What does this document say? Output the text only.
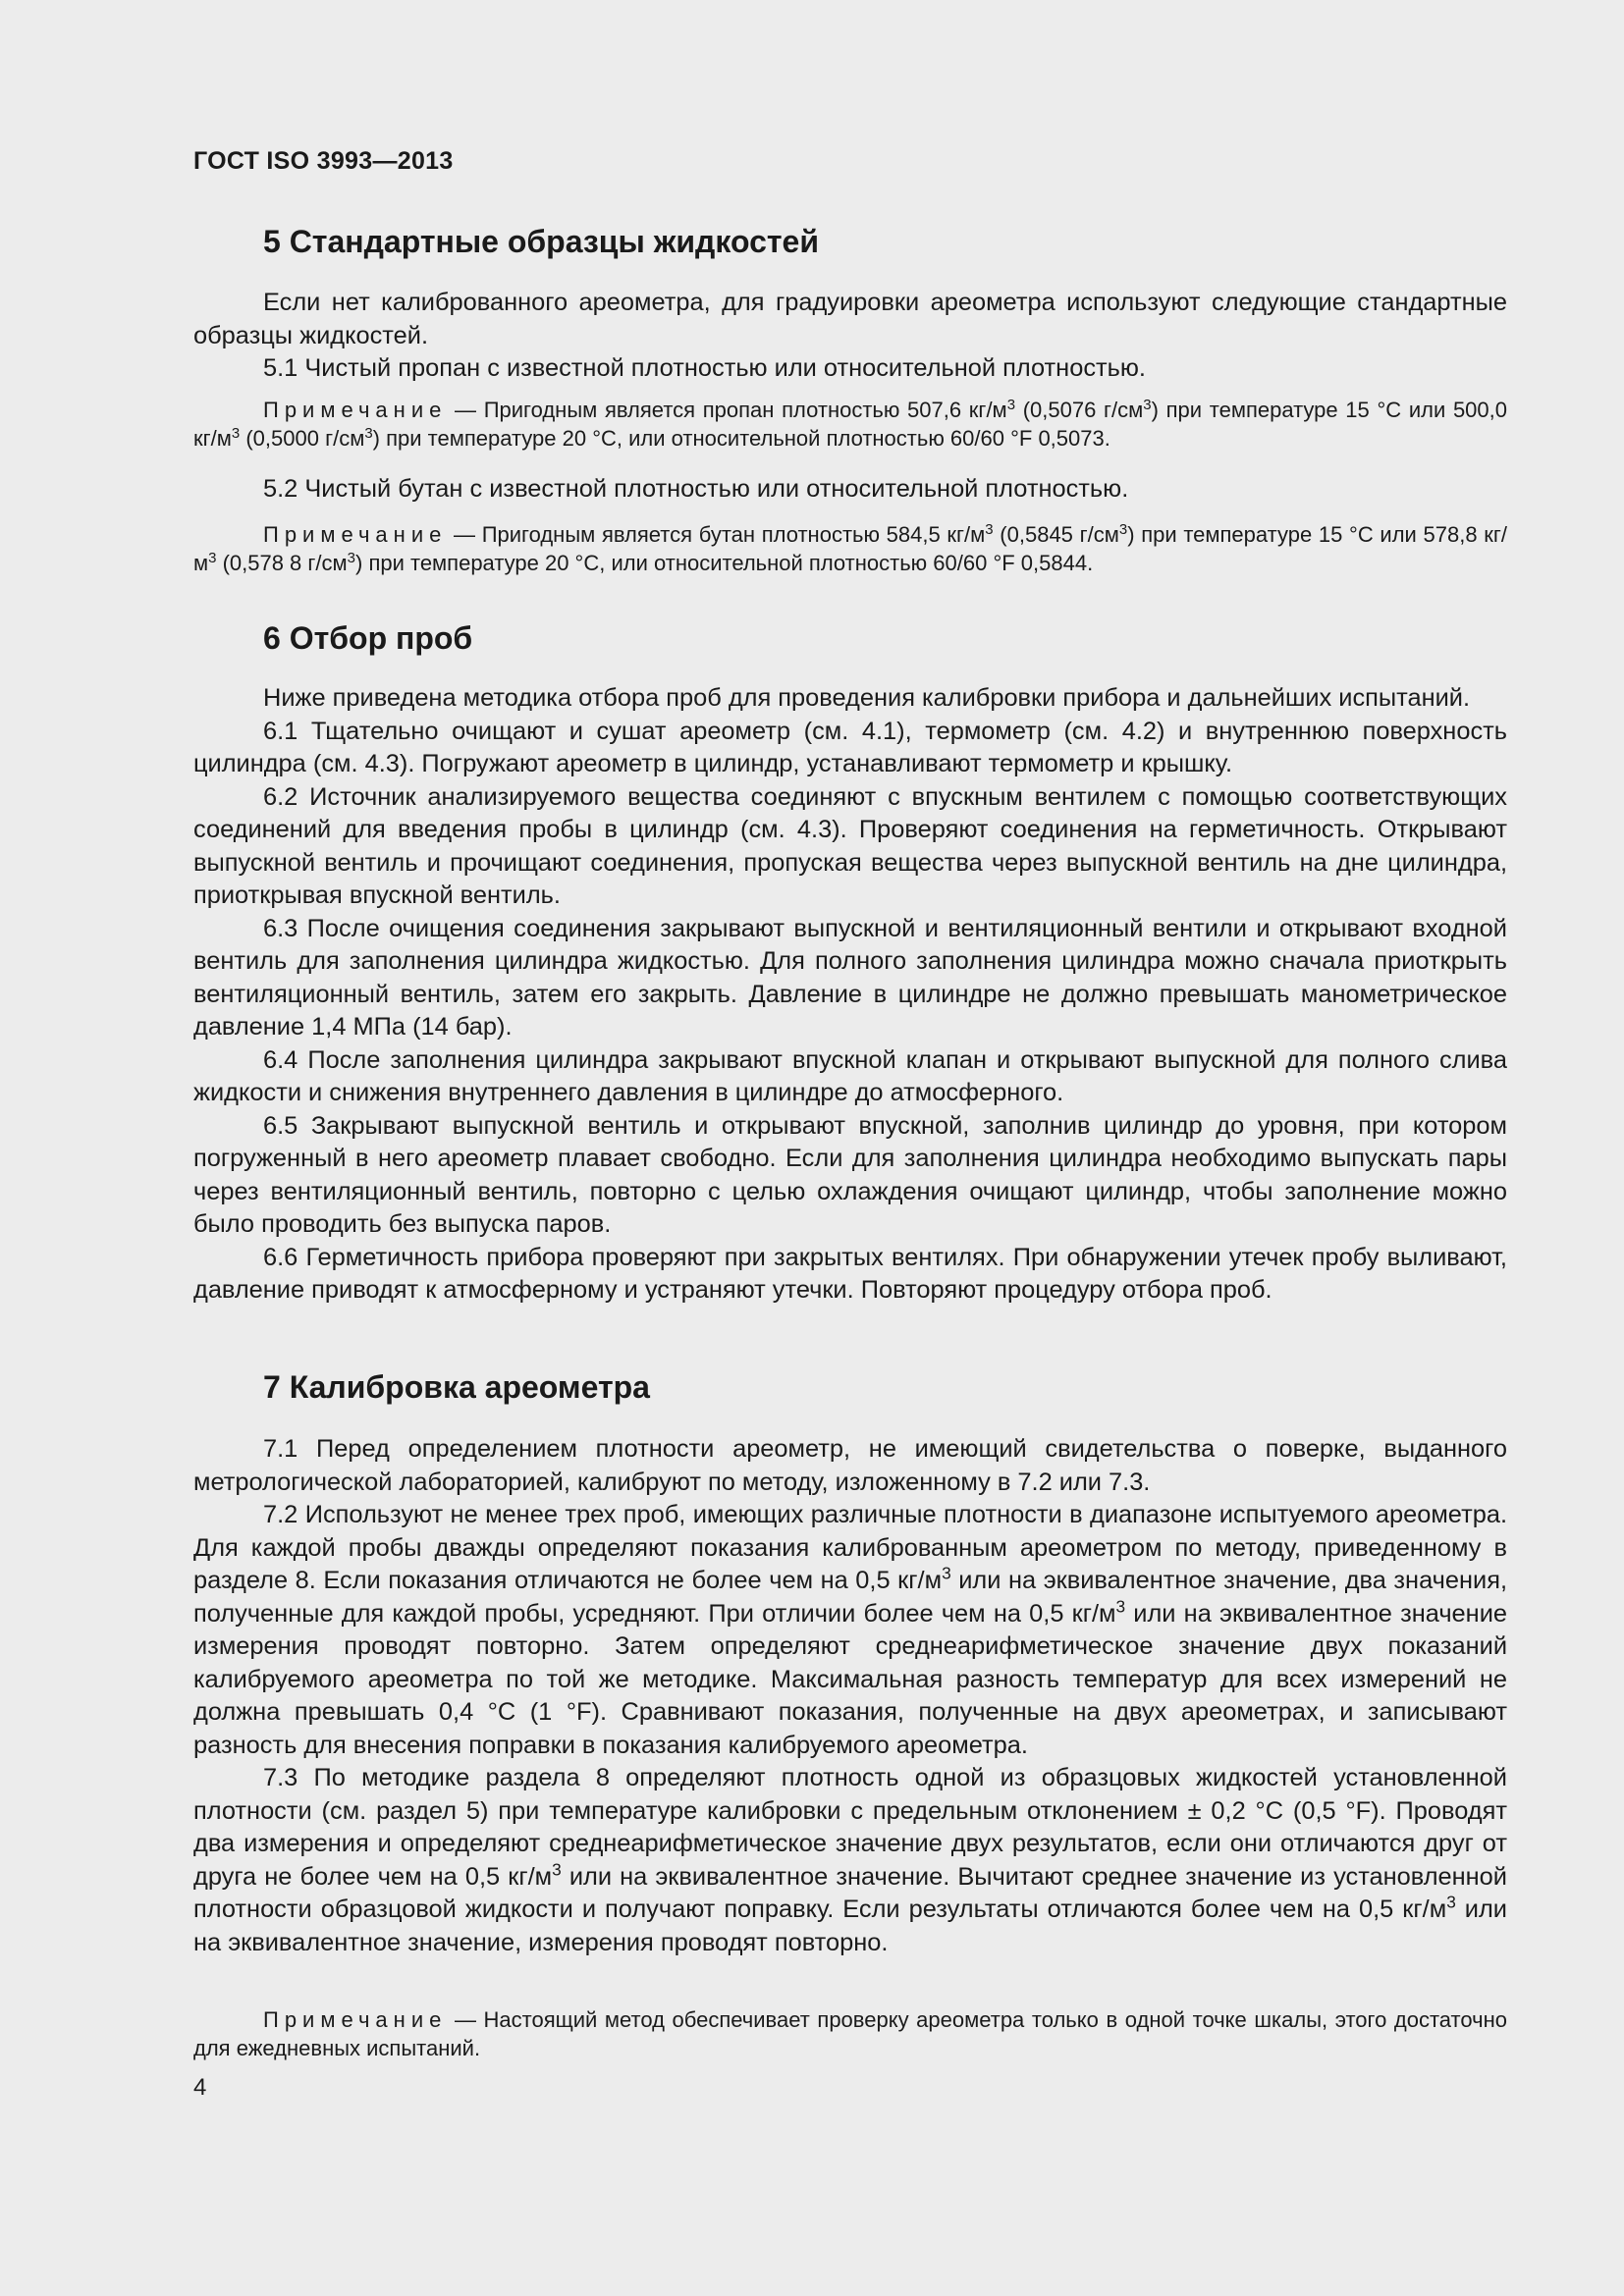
ГОСТ ISO 3993—2013
5 Стандартные образцы жидкостей

Если нет калиброванного ареометра, для градуировки ареометра используют следующие стандартные образцы жидкостей.

5.1 Чистый пропан с известной плотностью или относительной плотностью.

Примечание — Пригодным является пропан плотностью 507,6 $кг/м^3$ (0,5076 $г/см^3$) при температуре 15 °С или 500,0 $кг/м^3$ (0,5000 $г/см^3$) при температуре 20 °С, или относительной плотностью 60/60 °F 0,5073.

5.2 Чистый бутан с известной плотностью или относительной плотностью.

Примечание — Пригодным является бутан плотностью 584,5 $кг/м^3$ (0,5845 $г/см^3$) при температуре 15 °С или 578,8 $кг/м^3$ (0,578 8 $г/см^3$) при температуре 20 °С, или относительной плотностью 60/60 °F 0,5844.

6 Отбор проб

Ниже приведена методика отбора проб для проведения калибровки прибора и дальнейших испытаний.

6.1 Тщательно очищают и сушат ареометр (см. 4.1), термометр (см. 4.2) и внутреннюю поверхность цилиндра (см. 4.3). Погружают ареометр в цилиндр, устанавливают термометр и крышку.

6.2 Источник анализируемого вещества соединяют с впускным вентилем с помощью соответствующих соединений для введения пробы в цилиндр (см. 4.3). Проверяют соединения на герметичность. Открывают выпускной вентиль и прочищают соединения, пропуская вещества через выпускной вентиль на дне цилиндра, приоткрывая впускной вентиль.

6.3 После очищения соединения закрывают выпускной и вентиляционный вентили и открывают входной вентиль для заполнения цилиндра жидкостью. Для полного заполнения цилиндра можно сначала приоткрыть вентиляционный вентиль, затем его закрыть. Давление в цилиндре не должно превышать манометрическое давление 1,4 МПа (14 бар).

6.4 После заполнения цилиндра закрывают впускной клапан и открывают выпускной для полного слива жидкости и снижения внутреннего давления в цилиндре до атмосферного.

6.5 Закрывают выпускной вентиль и открывают впускной, заполнив цилиндр до уровня, при котором погруженный в него ареометр плавает свободно. Если для заполнения цилиндра необходимо выпускать пары через вентиляционный вентиль, повторно с целью охлаждения очищают цилиндр, чтобы заполнение можно было проводить без выпуска паров.

6.6 Герметичность прибора проверяют при закрытых вентилях. При обнаружении утечек пробу выливают, давление приводят к атмосферному и устраняют утечки. Повторяют процедуру отбора проб.

7 Калибровка ареометра

7.1 Перед определением плотности ареометр, не имеющий свидетельства о поверке, выданного метрологической лабораторией, калибруют по методу, изложенному в 7.2 или 7.3.

7.2 Используют не менее трех проб, имеющих различные плотности в диапазоне испытуемого ареометра. Для каждой пробы дважды определяют показания калиброванным ареометром по методу, приведенному в разделе 8. Если показания отличаются не более чем на 0,5 $кг/м^3$ или на эквивалентное значение, два значения, полученные для каждой пробы, усредняют. При отличии более чем на 0,5 $кг/м^3$ или на эквивалентное значение измерения проводят повторно. Затем определяют среднеарифметическое значение двух показаний калибруемого ареометра по той же методике. Максимальная разность температур для всех измерений не должна превышать 0,4 °С (1 °F). Сравнивают показания, полученные на двух ареометрах, и записывают разность для внесения поправки в показания калибруемого ареометра.

7.3 По методике раздела 8 определяют плотность одной из образцовых жидкостей установленной плотности (см. раздел 5) при температуре калибровки с предельным отклонением ± 0,2 °С (0,5 °F). Проводят два измерения и определяют среднеарифметическое значение двух результатов, если они отличаются друг от друга не более чем на 0,5 $кг/м^3$ или на эквивалентное значение. Вычитают среднее значение из установленной плотности образцовой жидкости и получают поправку. Если результаты отличаются более чем на 0,5 $кг/м^3$ или на эквивалентное значение, измерения проводят повторно.

Примечание — Настоящий метод обеспечивает проверку ареометра только в одной точке шкалы, этого достаточно для ежедневных испытаний.

4
